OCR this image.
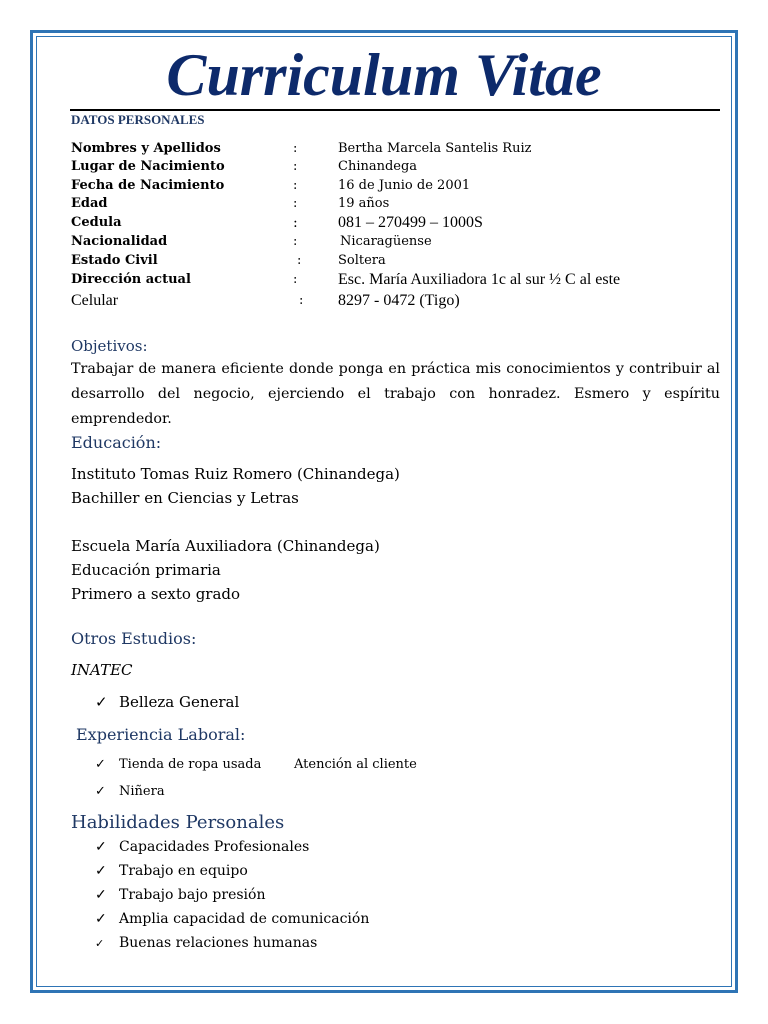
Curriculum Vitae
DATOS PERSONALES
Nombres y Apellidos	:	Bertha Marcela Santelis Ruiz
Lugar de Nacimiento	:	Chinandega
Fecha de Nacimiento	:	16 de Junio de 2001
Edad	:	19 años
Cedula	:	081 – 270499 – 1000S
Nacionalidad	:	Nicaragüense
Estado Civil	:	Soltera
Dirección actual	:	Esc. María Auxiliadora 1c al sur ½ C al este
Celular	: 8297 - 0472 (Tigo)
Objetivos:
Trabajar de manera eficiente donde ponga en práctica mis conocimientos y contribuir al desarrollo del negocio, ejerciendo el trabajo con honradez. Esmero y espíritu emprendedor.
Educación:
Instituto Tomas Ruiz Romero (Chinandega)
Bachiller en Ciencias y Letras
Escuela María Auxiliadora (Chinandega)
Educación primaria
Primero a sexto grado
Otros Estudios:
INATEC
✓ Belleza General
Experiencia Laboral:
✓ Tienda de ropa usada	Atención al cliente
✓ Niñera
Habilidades Personales
✓ Capacidades Profesionales
✓ Trabajo en equipo
✓ Trabajo bajo presión
✓ Amplia capacidad de comunicación
✓ Buenas relaciones humanas
